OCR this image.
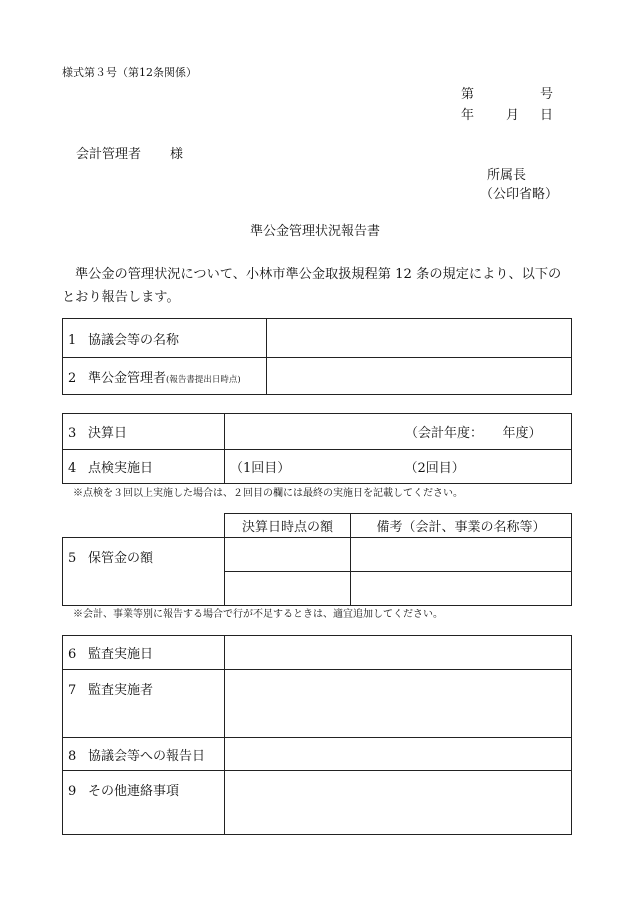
様式第３号（第12条関係）
第	号
年 月 日
会計管理者 様
所属長
（公印省略）
準公金管理状況報告書
準公金の管理状況について、小林市準公金取扱規程第 12 条の規定により、以下のとおり報告します。
1 協議会等の名称	
2 準公金管理者(報告書提出日時点)	
3 決算日	（会計年度：　　年度）	
4 点検実施日	（1回目）	（2回目）
※点検を３回以上実施した場合は、２回目の欄には最終の実施日を記載してください。
	決算日時点の額	備考（会計、事業の名称等）
5 保管金の額		

※会計、事業等別に報告する場合で行が不足するときは、適宜追加してください。
6 監査実施日	
7 監査実施者	
8 協議会等への報告日	
9 その他連絡事項	
